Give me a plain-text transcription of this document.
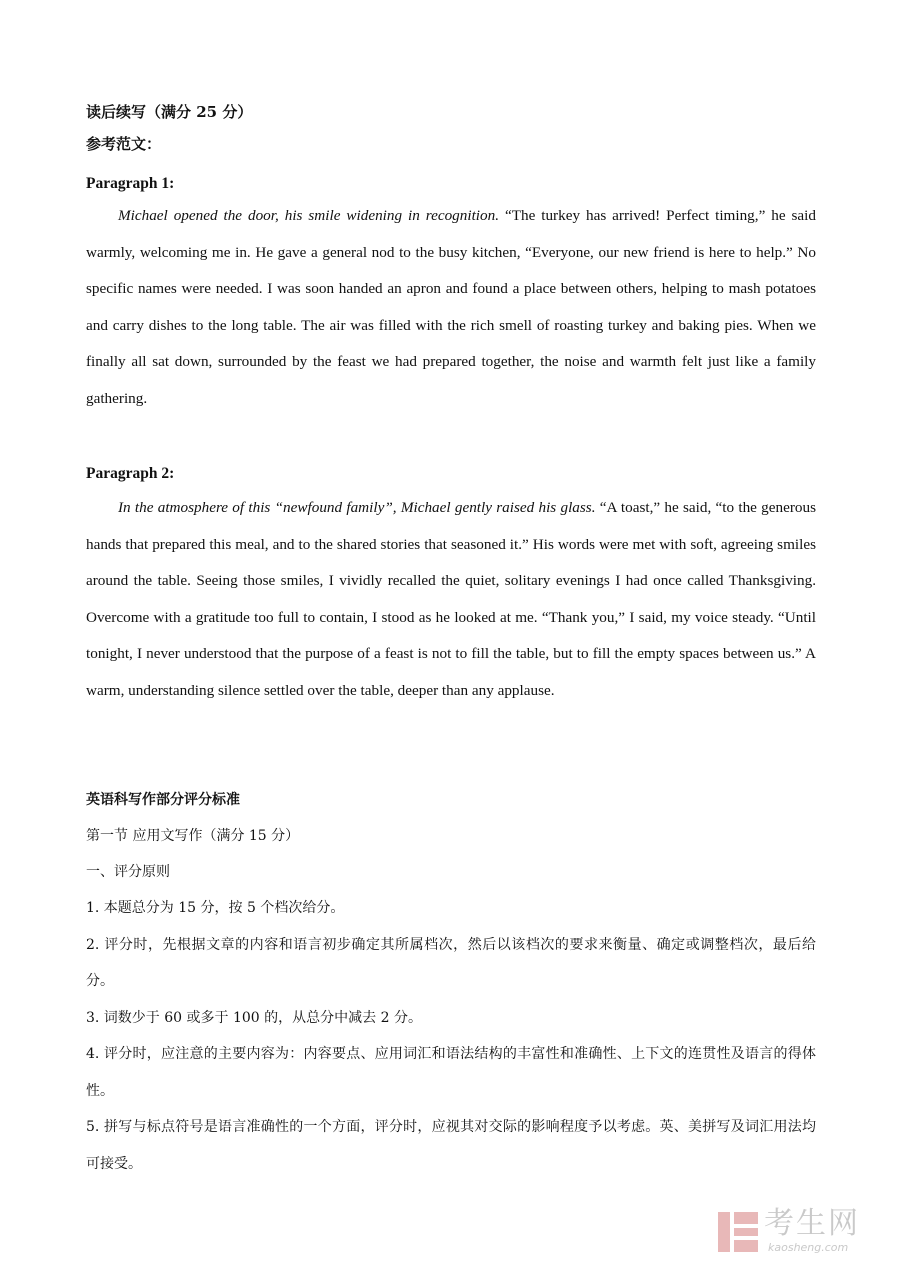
读后续写（满分 25 分）
参考范文：
Paragraph 1:

Michael opened the door, his smile widening in recognition. “The turkey has arrived! Perfect timing,” he said warmly, welcoming me in. He gave a general nod to the busy kitchen, “Everyone, our new friend is here to help.” No specific names were needed. I was soon handed an apron and found a place between others, helping to mash potatoes and carry dishes to the long table. The air was filled with the rich smell of roasting turkey and baking pies. When we finally all sat down, surrounded by the feast we had prepared together, the noise and warmth felt just like a family gathering.

Paragraph 2:

In the atmosphere of this “newfound family”, Michael gently raised his glass. “A toast,” he said, “to the generous hands that prepared this meal, and to the shared stories that seasoned it.” His words were met with soft, agreeing smiles around the table. Seeing those smiles, I vividly recalled the quiet, solitary evenings I had once called Thanksgiving. Overcome with a gratitude too full to contain, I stood as he looked at me. “Thank you,” I said, my voice steady. “Until tonight, I never understood that the purpose of a feast is not to fill the table, but to fill the empty spaces between us.” A warm, understanding silence settled over the table, deeper than any applause.

英语科写作部分评分标准
第一节 应用文写作（满分 15 分）
一、评分原则

1. 本题总分为 15 分，按 5 个档次给分。

2. 评分时，先根据文章的内容和语言初步确定其所属档次，然后以该档次的要求来衡量、确定或调整档次，最后给分。

3. 词数少于 60 或多于 100 的，从总分中减去 2 分。

4. 评分时，应注意的主要内容为：内容要点、应用词汇和语法结构的丰富性和准确性、上下文的连贯性及语言的得体性。

5. 拼写与标点符号是语言准确性的一个方面，评分时，应视其对交际的影响程度予以考虑。英、美拼写及词汇用法均可接受。

考生网
kaosheng.com
